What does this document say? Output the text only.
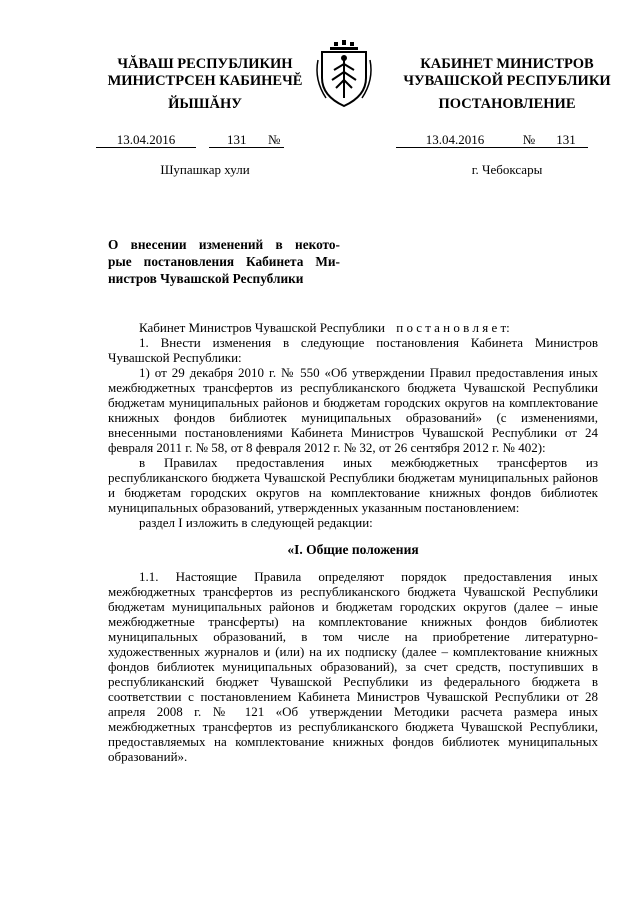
ЧĂВАШ РЕСПУБЛИКИН
МИНИСТРСЕН КАБИНЕЧĔ
ЙЫШĂНУ
КАБИНЕТ МИНИСТРОВ
ЧУВАШСКОЙ РЕСПУБЛИКИ
ПОСТАНОВЛЕНИЕ
13.04.2016	131 №	13.04.2016	№ 131
Шупашкар хули	г. Чебоксары
О внесении изменений в некото-
рые постановления Кабинета Ми-
нистров Чувашской Республики

Кабинет Министров Чувашской Республики п о с т а н о в л я е т:

1. Внести изменения в следующие постановления Кабинета Министров Чувашской Республики:

1) от 29 декабря 2010 г. № 550 «Об утверждении Правил предоставления иных межбюджетных трансфертов из республиканского бюджета Чувашской Республики бюджетам муниципальных районов и бюджетам городских округов на комплектование книжных фондов библиотек муниципальных образований» (с изменениями, внесенными постановлениями Кабинета Министров Чувашской Республики от 24 февраля 2011 г. № 58, от 8 февраля 2012 г. № 32, от 26 сентября 2012 г. № 402):

в Правилах предоставления иных межбюджетных трансфертов из республиканского бюджета Чувашской Республики бюджетам муниципальных районов и бюджетам городских округов на комплектование книжных фондов библиотек муниципальных образований, утвержденных указанным постановлением:

раздел I изложить в следующей редакции:

«I. Общие положения

1.1. Настоящие Правила определяют порядок предоставления иных межбюджетных трансфертов из республиканского бюджета Чувашской Республики бюджетам муниципальных районов и бюджетам городских округов (далее – иные межбюджетные трансферты) на комплектование книжных фондов библиотек муниципальных образований, в том числе на приобретение литературно-художественных журналов и (или) на их подписку (далее – комплектование книжных фондов библиотек муниципальных образований), за счет средств, поступивших в республиканский бюджет Чувашской Республики из федерального бюджета в соответствии с постановлением Кабинета Министров Чувашской Республики от 28 апреля 2008 г. № 121 «Об утверждении Методики расчета размера иных межбюджетных трансфертов из республиканского бюджета Чувашской Республики, предоставляемых на комплектование книжных фондов библиотек муниципальных образований».
